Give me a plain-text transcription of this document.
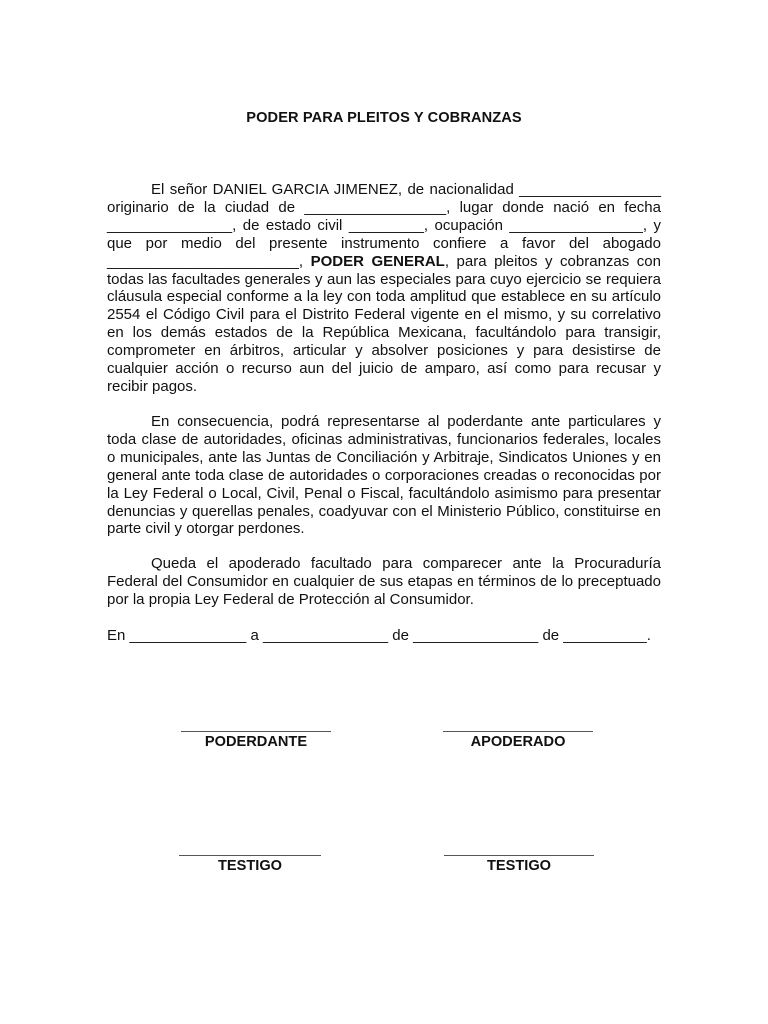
PODER PARA PLEITOS Y COBRANZAS
El señor DANIEL GARCIA JIMENEZ, de nacionalidad _________________ originario de la ciudad de _________________, lugar donde nació en fecha _______________, de estado civil _________, ocupación ________________, y que por medio del presente instrumento confiere a favor del abogado _______________________, PODER GENERAL, para pleitos y cobranzas con todas las facultades generales y aun las especiales para cuyo ejercicio se requiera cláusula especial conforme a la ley con toda amplitud que establece en su artículo 2554 el Código Civil para el Distrito Federal vigente en el mismo, y su correlativo en los demás estados de la República Mexicana, facultándolo para transigir, comprometer en árbitros, articular y absolver posiciones y para desistirse de cualquier acción o recurso aun del juicio de amparo, así como para recusar y recibir pagos.
En consecuencia, podrá representarse al poderdante ante particulares y toda clase de autoridades, oficinas administrativas, funcionarios federales, locales o municipales, ante las Juntas de Conciliación y Arbitraje, Sindicatos Uniones y en general ante toda clase de autoridades o corporaciones creadas o reconocidas por la Ley Federal o Local, Civil, Penal o Fiscal, facultándolo asimismo para presentar denuncias y querellas penales, coadyuvar con el Ministerio Público, constituirse en parte civil y otorgar perdones.
Queda el apoderado facultado para comparecer ante la Procuraduría Federal del Consumidor en cualquier de sus etapas en términos de lo preceptuado por la propia Ley Federal de Protección al Consumidor.
En ______________ a _______________ de _______________ de __________.
PODERDANTE	APODERADO
TESTIGO	TESTIGO
